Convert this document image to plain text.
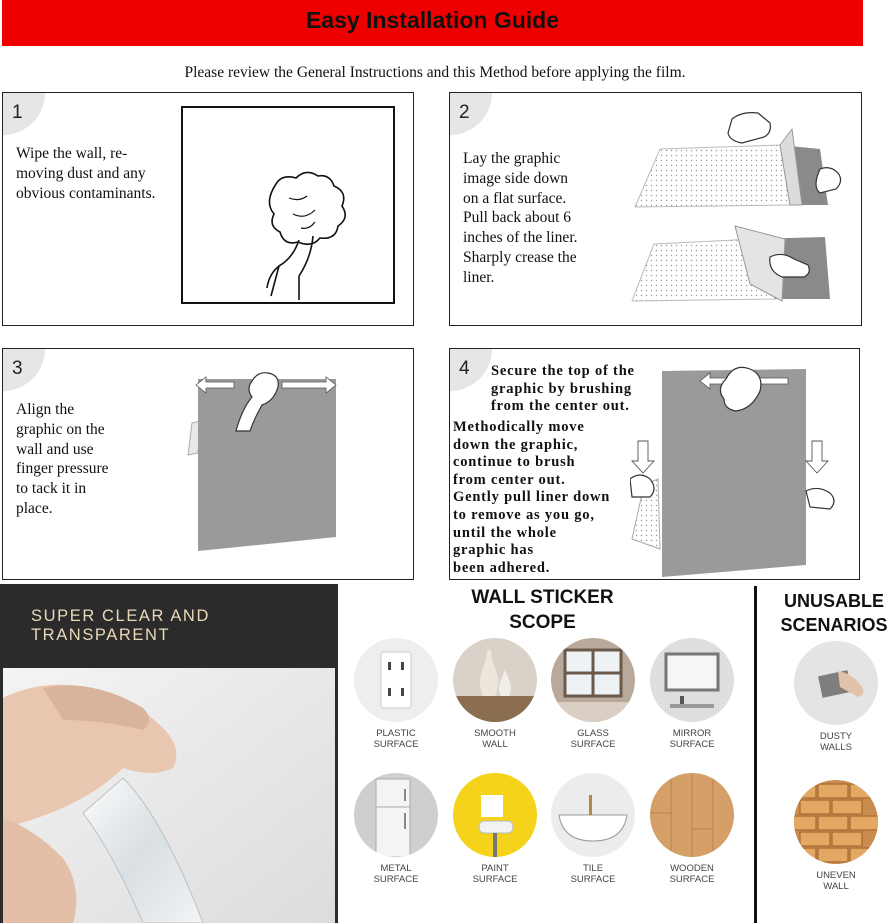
Easy Installation Guide
Please review the General Instructions and this Method before applying the film.
1
Wipe the wall, re-
moving dust and any
obvious contaminants.
2
Lay the graphic
image side down
on a flat surface.
Pull back about 6
inches of the liner.
Sharply crease the
liner.
3
Align the
graphic on the
wall and use
finger pressure
to tack it in
place.
4	Secure the top of the
graphic by brushing
from the center out.
Methodically move
down the graphic,
continue to brush
from center out.
Gently pull liner down
to remove as you go,
until the whole
graphic has
been adhered.
SUPER CLEAR AND TRANSPARENT
WALL STICKER
SCOPE
PLASTIC
SURFACE
SMOOTH
WALL
GLASS
SURFACE
MIRROR
SURFACE
METAL
SURFACE
PAINT
SURFACE
TILE
SURFACE
WOODEN
SURFACE
UNUSABLE
SCENARIOS
DUSTY
WALLS
UNEVEN
WALL
